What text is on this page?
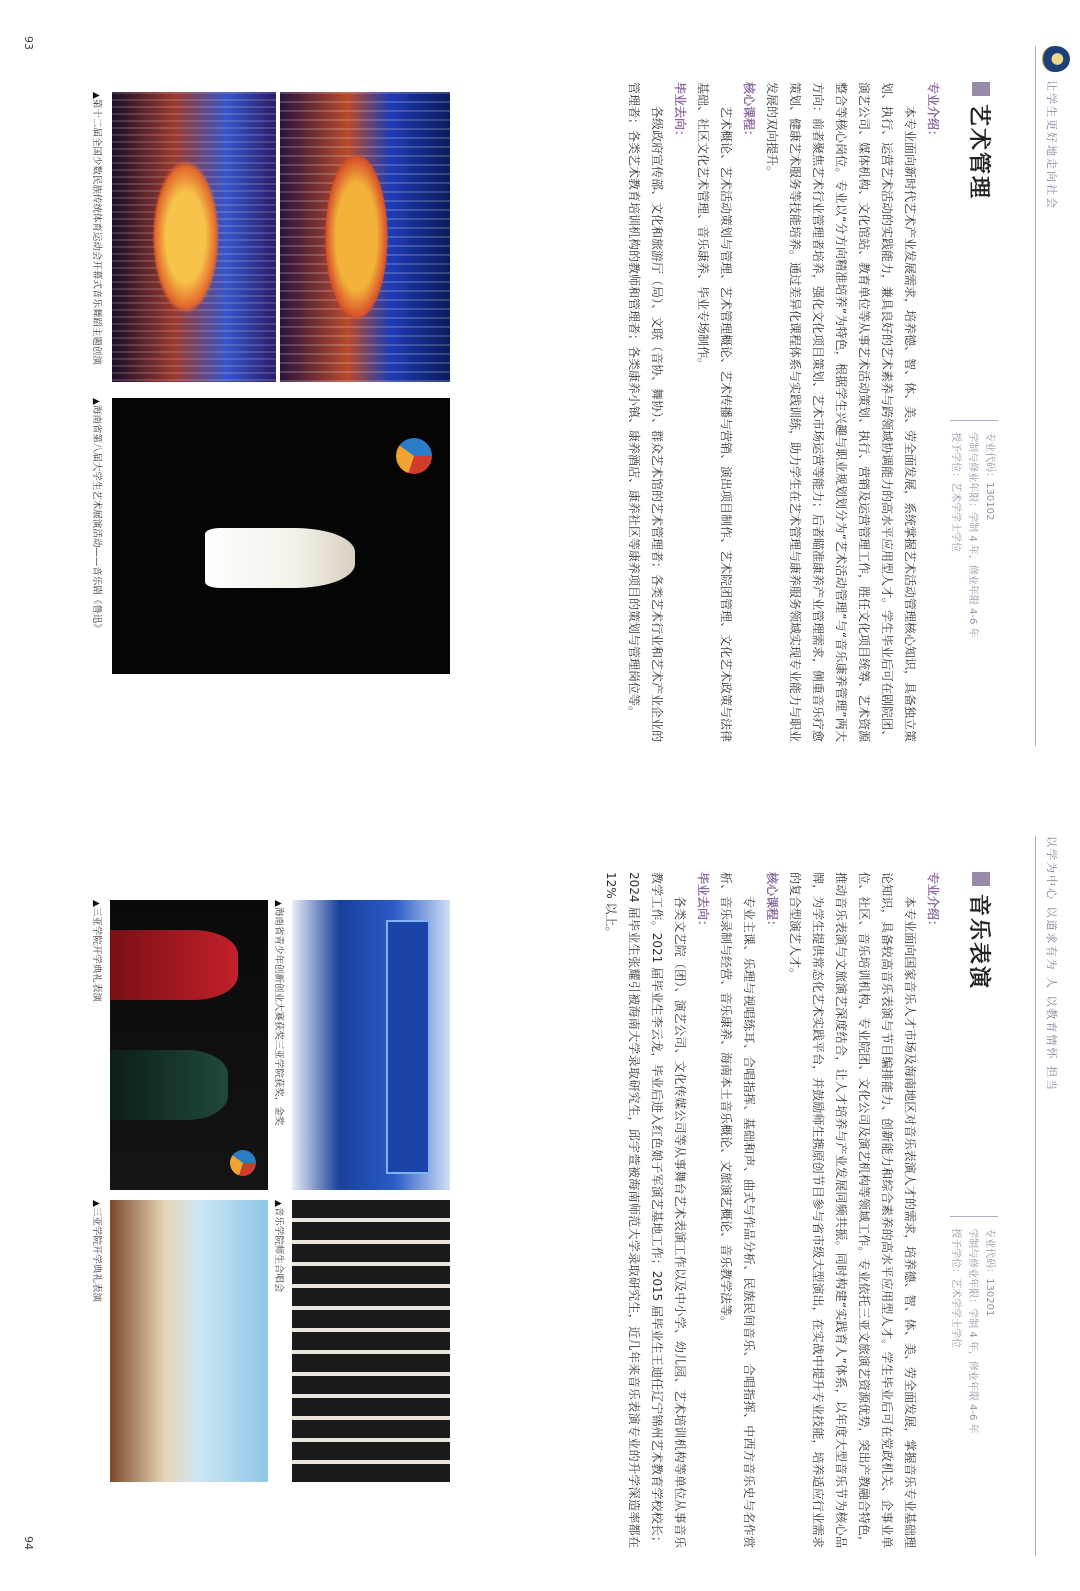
让学生更好地走向社会
艺术管理

专业代码：130102
学制与修业年限：学制 4 年，修业年限 4-6 年
授予学位：艺术学学士学位
专业介绍：

本专业面向新时代艺术产业发展需求，培养德、智、体、美、劳全面发展，系统掌握艺术活动管理核心知识，具备独立策划、执行、运营艺术活动的实践能力，兼具良好的艺术素养与跨领域协调能力的高水平应用型人才。学生毕业后可在剧院团、演艺公司、媒体机构、文化馆站、教育单位等从事艺术活动策划、执行、营销及运营管理工作，胜任文化项目统筹、艺术资源整合等核心岗位。专业以“分方向精准培养”为特色，根据学生兴趣与职业规划划分为“艺术活动管理”与“音乐康养管理”两大方向：前者聚焦艺术行业管理者培养，强化文化项目策划、艺术市场运营等能力；后者瞄准康养产业管理需求，侧重音乐疗愈策划、健康艺术服务等技能培养。通过差异化课程体系与实践训练，助力学生在艺术管理与康养服务领域实现专业能力与职业发展的双向提升。

核心课程：

艺术概论、艺术活动策划与管理、艺术管理概论、艺术传播与营销、演出项目制作、艺术院团管理、文化艺术政策与法律基础、社区文化艺术管理、音乐康养、毕业专场制作。

毕业去向：

各级政府宣传部、文化和旅游厅（局）、文联（音协、舞协）、群众艺术馆的艺术管理者；各类艺术行业和艺术产业企业的管理者；各类艺术教育培训机构的教师和管理者；各类康养小镇、康养酒店、康养社区等康养项目的策划与管理岗位等。

▲ 第十二届全国少数民族传统体育运动会开幕式音乐舞蹈主题创演
▲ 海南省第八届大学生艺术展演活动——音乐剧《鲁迅》
93
以学为中心 以道求有为 人 以教育情怀 担当
音乐表演

专业代码：130201
学制与修业年限：学制 4 年，修业年限 4-6 年
授予学位：艺术学学士学位
专业介绍：

本专业面向国家音乐人才市场及海南地区对音乐表演人才的需求，培养德、智、体、美、劳全面发展，掌握音乐专业基础理论知识，具备较高音乐表演与节目编排能力、创新能力和综合素养的高水平应用型人才。学生毕业后可在党政机关、企事业单位、社区、音乐培训机构、专业院团、文化公司及演艺机构等领域工作。专业依托三亚文旅演艺资源优势，突出产教融合特色，推动音乐表演与文旅演艺深度结合，让人才培养与产业发展同频共振。同时构建“实践育人”体系，以年度大型音乐节为核心品牌，为学生提供常态化艺术实践平台，并鼓励师生携原创节目参与省市级大型演出，在实战中提升专业技能，培养适应行业需求的复合型演艺人才。

核心课程：

专业主课、乐理与视唱练耳、合唱指挥、基础和声、曲式与作品分析、民族民间音乐、合唱指挥、中西方音乐史与名作赏析、音乐录制与经营、音乐康养、海南本土音乐概论、文旅演艺概论、音乐教学法等。

毕业去向：

各类文艺院（团）、演艺公司、文化传媒公司等从事舞台艺术表演工作以及中小学、幼儿园、艺术培训机构等单位从事音乐教学工作。2021 届毕业生李云龙，毕业后进入红色娘子军演艺基地工作；2015 届毕业生王迪任辽宁锦州艺术教育学校校长；2024 届毕业生张耀引被海南大学录取研究生，邱宇萱被海南师范大学录取研究生，近几年来音乐表演专业的升学深造率都在 12% 以上。

▲ 海南省青少年创新创业大赛获奖三亚学院获奖，金奖
▲ 音乐学院师生合唱会
▲ 三亚学院开学典礼表演
▲ 三亚学院开学典礼表演
94
